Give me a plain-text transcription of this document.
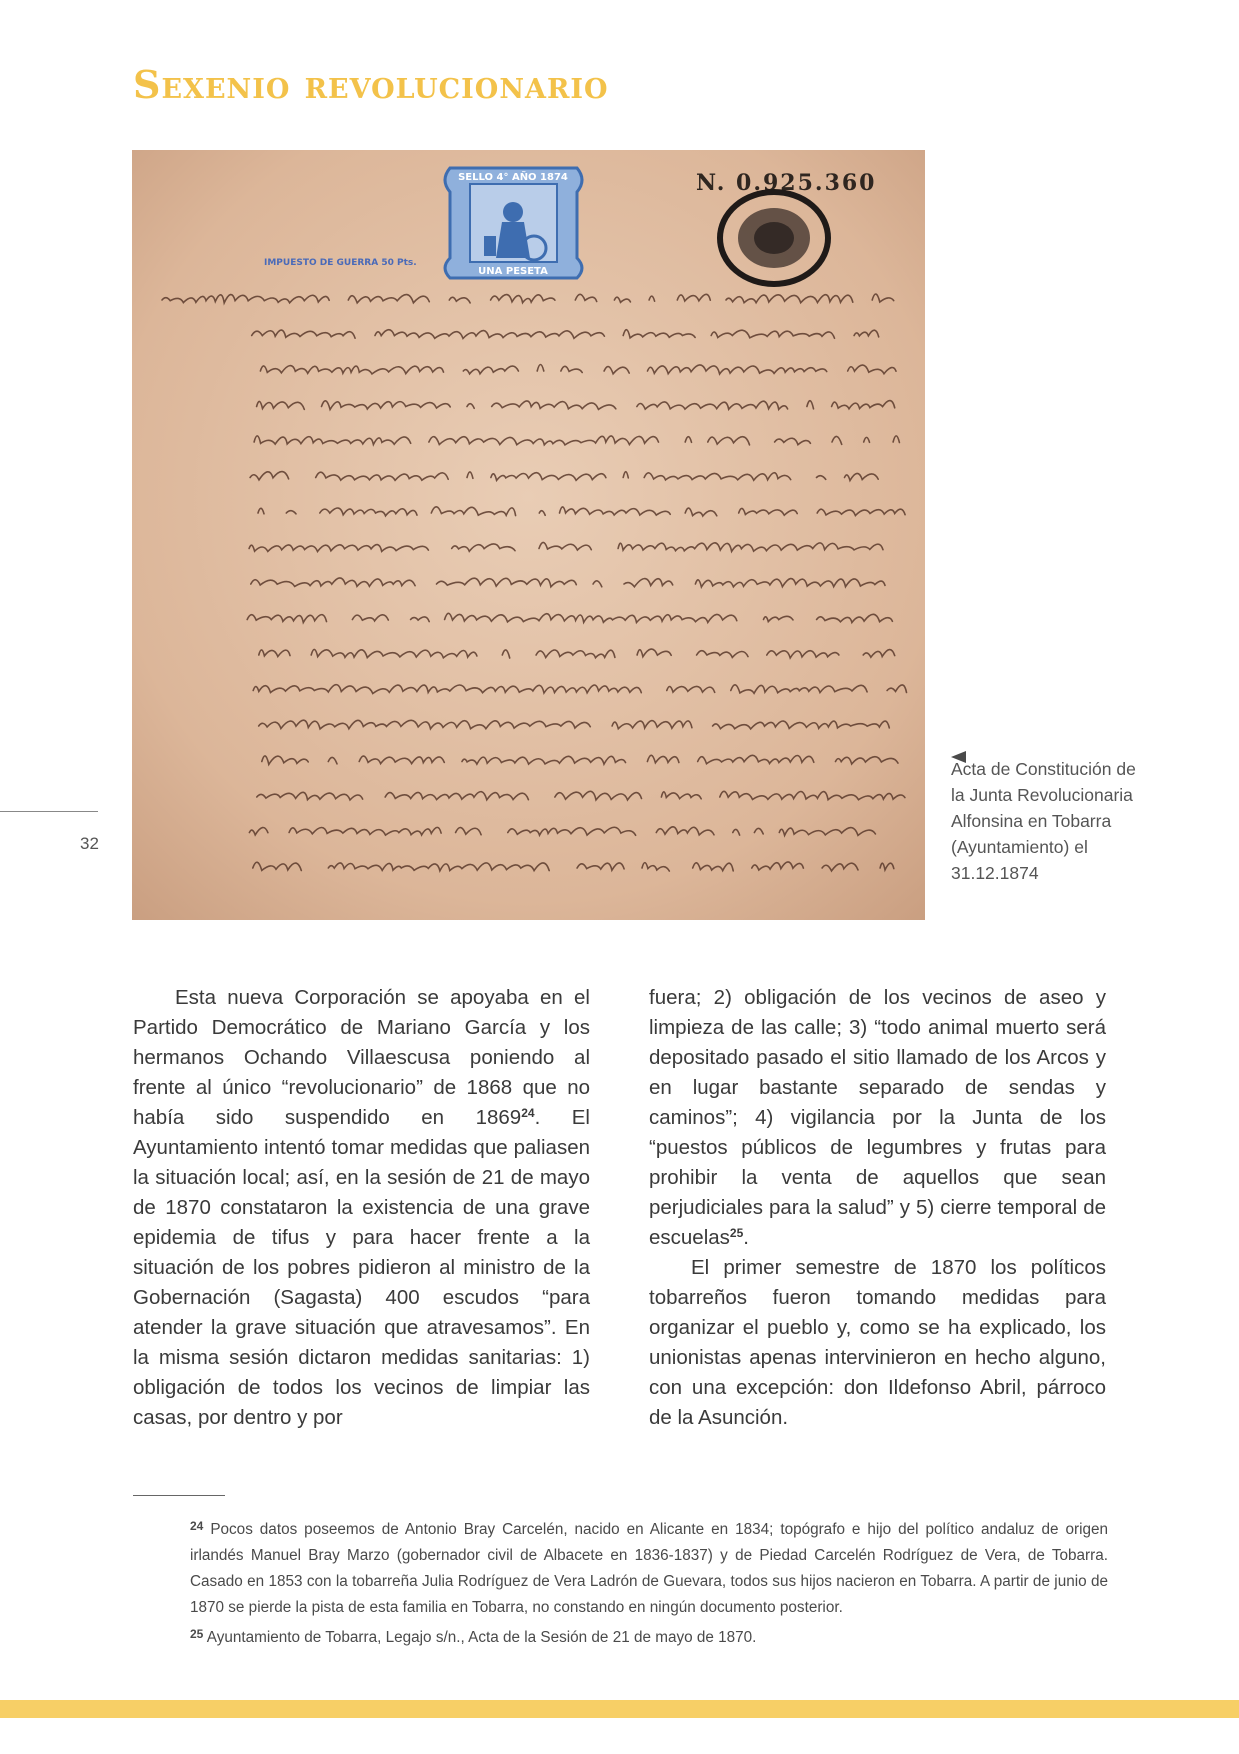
Sexenio revolucionario
SELLO 4° AÑO 1874
UNA PESETA
IMPUESTO DE GUERRA 50 Pts.
N. 0.925.360
Acta de Constitución de la Junta Revolucionaria Alfonsina en Tobarra (Ayuntamiento) el 31.12.1874
32

Esta nueva Corporación se apoyaba en el Partido Democrático de Mariano García y los hermanos Ochando Villaescusa poniendo al frente al único “revolucionario” de 1868 que no había sido suspendido en 1869$^{24}$. El Ayuntamiento intentó tomar medidas que paliasen la situación local; así, en la sesión de 21 de mayo de 1870 constataron la existencia de una grave epidemia de tifus y para hacer frente a la situación de los pobres pidieron al ministro de la Gobernación (Sagasta) 400 escudos “para atender la grave situación que atravesamos”. En la misma sesión dictaron medidas sanitarias: 1) obligación de todos los vecinos de limpiar las casas, por dentro y por

fuera; 2) obligación de los vecinos de aseo y limpieza de las calle; 3) “todo animal muerto será depositado pasado el sitio llamado de los Arcos y en lugar bastante separado de sendas y caminos”; 4) vigilancia por la Junta de los “puestos públicos de legumbres y frutas para prohibir la venta de aquellos que sean perjudiciales para la salud” y 5) cierre temporal de escuelas$^{25}$.

El primer semestre de 1870 los políticos tobarreños fueron tomando medidas para organizar el pueblo y, como se ha explicado, los unionistas apenas intervinieron en hecho alguno, con una excepción: don Ildefonso Abril, párroco de la Asunción.

$^{24}$ Pocos datos poseemos de Antonio Bray Carcelén, nacido en Alicante en 1834; topógrafo e hijo del político andaluz de origen irlandés Manuel Bray Marzo (gobernador civil de Albacete en 1836-1837) y de Piedad Carcelén Rodríguez de Vera, de Tobarra. Casado en 1853 con la tobarreña Julia Rodríguez de Vera Ladrón de Guevara, todos sus hijos nacieron en Tobarra. A partir de junio de 1870 se pierde la pista de esta familia en Tobarra, no constando en ningún documento posterior.

$^{25}$ Ayuntamiento de Tobarra, Legajo s/n., Acta de la Sesión de 21 de mayo de 1870.
